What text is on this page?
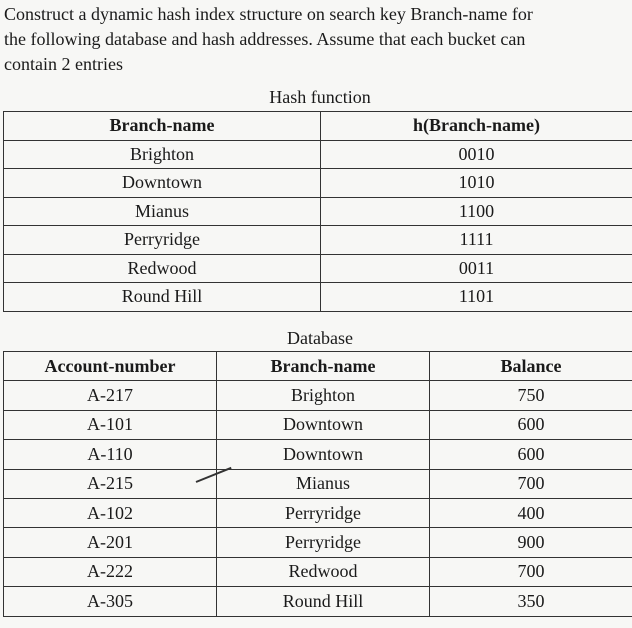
Construct a dynamic hash index structure on search key Branch-name for
the following database and hash addresses. Assume that each bucket can
contain 2 entries
Hash function
Branch-name	h(Branch-name)
Brighton	0010
Downtown	1010
Mianus	1100
Perryridge	1111
Redwood	0011
Round Hill	1101
Database
Account-number	Branch-name	Balance
A-217	Brighton	750
A-101	Downtown	600
A-110	Downtown	600
A-215	Mianus	700
A-102	Perryridge	400
A-201	Perryridge	900
A-222	Redwood	700
A-305	Round Hill	350
